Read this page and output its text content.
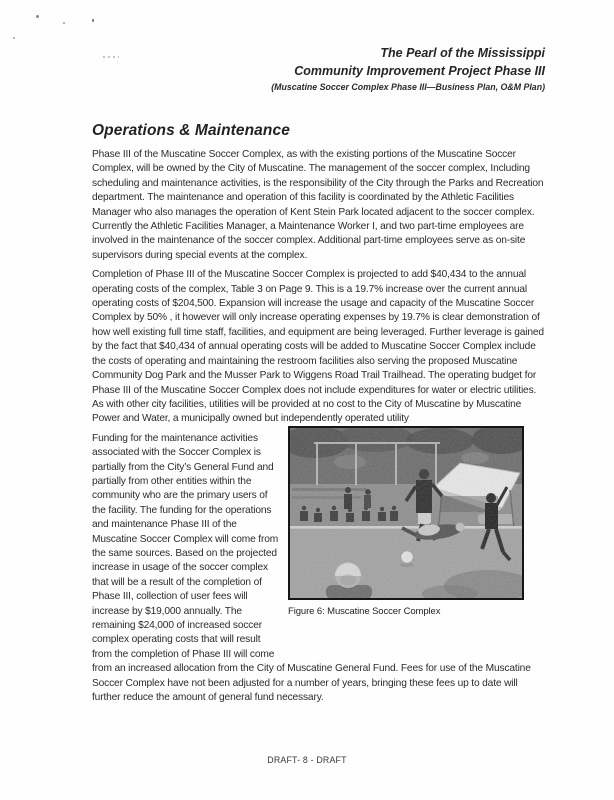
The Pearl of the Mississippi
Community Improvement Project Phase III
(Muscatine Soccer Complex Phase III—Business Plan, O&M Plan)
Operations & Maintenance

Phase III of the Muscatine Soccer Complex, as with the existing portions of the Muscatine Soccer Complex, will be owned by the City of Muscatine. The management of the soccer complex, Including scheduling and maintenance activities, is the responsibility of the City through the Parks and Recreation department. The maintenance and operation of this facility is coordinated by the Athletic Facilities Manager who also manages the operation of Kent Stein Park located adjacent to the soccer complex. Currently the Athletic Facilities Manager, a Maintenance Worker I, and two part-time employees are involved in the maintenance of the soccer complex. Additional part-time employees serve as on-site supervisors during special events at the complex.

Completion of Phase III of the Muscatine Soccer Complex is projected to add $40,434 to the annual operating costs of the complex, Table 3 on Page 9. This is a 19.7% increase over the current annual operating costs of $204,500. Expansion will increase the usage and capacity of the Muscatine Soccer Complex by 50% , it however will only increase operating expenses by 19.7% is clear demonstration of how well existing full time staff, facilities, and equipment are being leveraged. Further leverage is gained by the fact that $40,434 of annual operating costs will be added to Muscatine Soccer Complex include the costs of operating and maintaining the restroom facilities also serving the proposed Muscatine Community Dog Park and the Musser Park to Wiggens Road Trail Trailhead. The operating budget for Phase III of the Muscatine Soccer Complex does not include expenditures for water or electric utilities. As with other city facilities, utilities will be provided at no cost to the City of Muscatine by Muscatine Power and Water, a municipally owned but independently operated utility

Figure 6: Muscatine Soccer Complex
Funding for the maintenance activities associated with the Soccer Complex is partially from the City’s General Fund and partially from other entities within the community who are the primary users of the facility. The funding for the operations and maintenance Phase III of the Muscatine Soccer Complex will come from the same sources. Based on the projected increase in usage of the soccer complex that will be a result of the completion of Phase III, collection of user fees will increase by $19,000 annually. The remaining $24,000 of increased soccer complex operating costs that will result from the completion of Phase III will come from an increased allocation from the City of Muscatine General Fund. Fees for use of the Muscatine Soccer Complex have not been adjusted for a number of years, bringing these fees up to date will further reduce the amount of general fund necessary.

DRAFT- 8 - DRAFT
